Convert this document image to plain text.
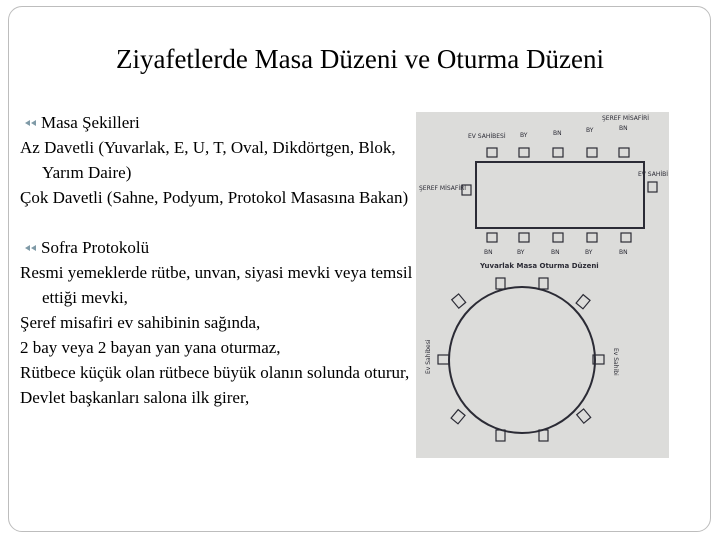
Ziyafetlerde Masa Düzeni ve Oturma Düzeni

Masa Şekilleri

Az Davetli (Yuvarlak, E, U, T, Oval, Dikdörtgen, Blok, Yarım Daire)

Çok Davetli (Sahne, Podyum, Protokol Masasına Bakan)

Sofra Protokolü

Resmi yemeklerde rütbe, unvan, siyasi mevki veya temsil ettiği mevki,

Şeref misafiri ev sahibinin sağında,

2 bay veya 2 bayan yan yana oturmaz,

Rütbece küçük olan rütbece büyük olanın solunda oturur,

Devlet başkanları salona ilk girer,

EV SAHİBESİ BY	BN	BY
ŞEREF MİSAFİRİ
BN
ŞEREF MİSAFİRİ
EV SAHİBİ
BN	BY	BN	BY	BN
Yuvarlak Masa Oturma Düzeni
Ev Sahibesi	Ev Sahibi
